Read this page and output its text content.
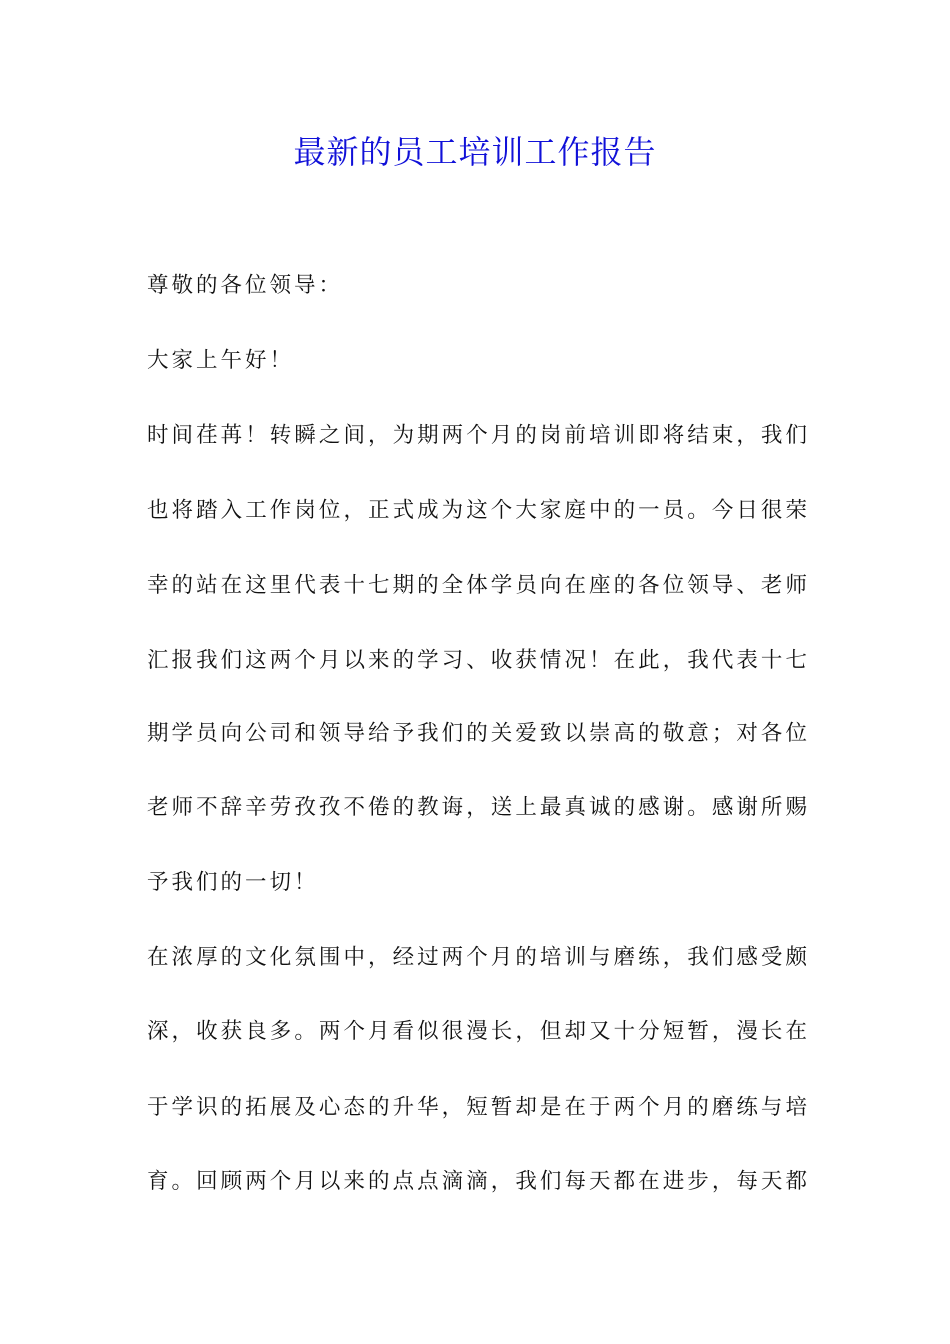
最新的员工培训工作报告

尊敬的各位领导：

大家上午好！

时间荏苒！转瞬之间，为期两个月的岗前培训即将结束，我们

也将踏入工作岗位，正式成为这个大家庭中的一员。今日很荣

幸的站在这里代表十七期的全体学员向在座的各位领导、老师

汇报我们这两个月以来的学习、收获情况！在此，我代表十七

期学员向公司和领导给予我们的关爱致以崇高的敬意；对各位

老师不辞辛劳孜孜不倦的教诲，送上最真诚的感谢。感谢所赐

予我们的一切！

在浓厚的文化氛围中，经过两个月的培训与磨练，我们感受颇

深，收获良多。两个月看似很漫长，但却又十分短暂，漫长在

于学识的拓展及心态的升华，短暂却是在于两个月的磨练与培

育。回顾两个月以来的点点滴滴，我们每天都在进步，每天都
